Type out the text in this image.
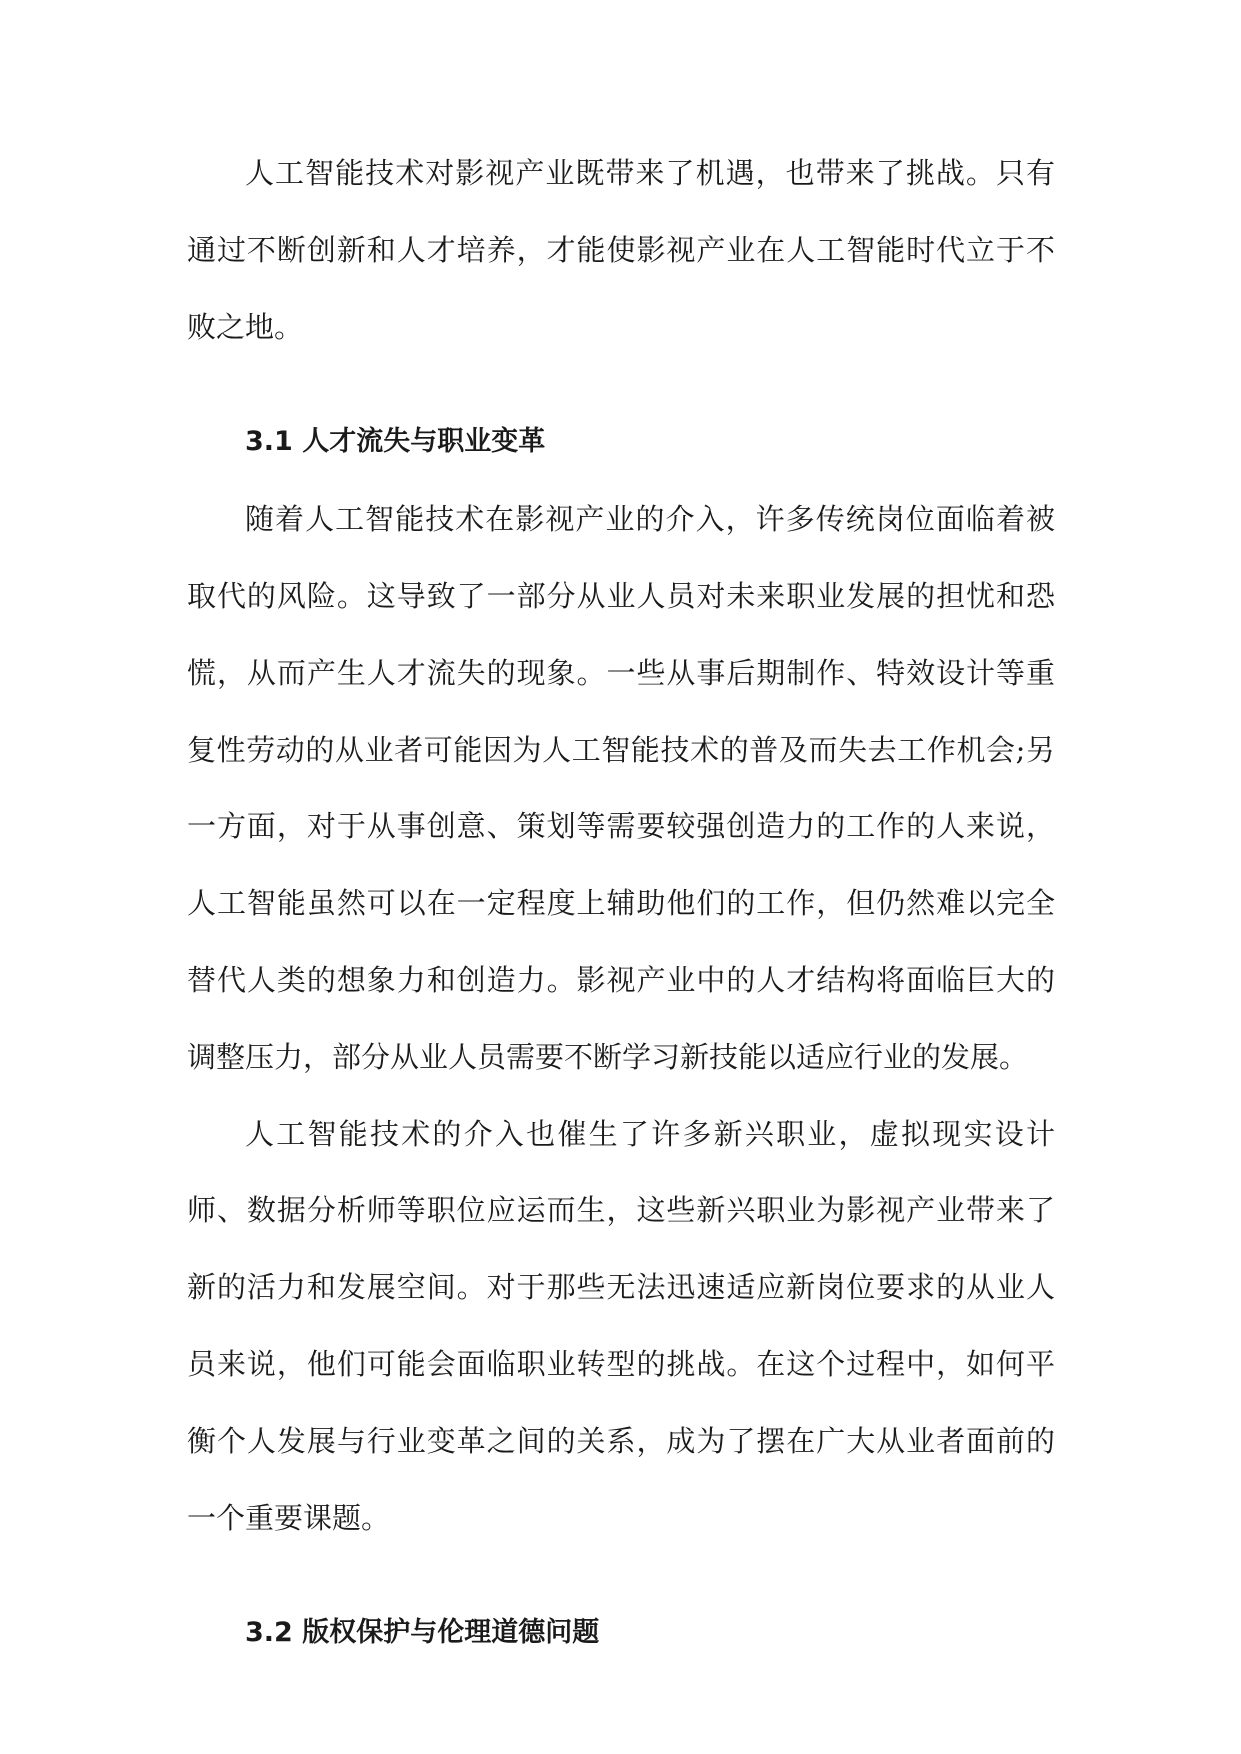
人工智能技术对影视产业既带来了机遇，也带来了挑战。只有通过不断创新和人才培养，才能使影视产业在人工智能时代立于不败之地。

3.1 人才流失与职业变革

随着人工智能技术在影视产业的介入，许多传统岗位面临着被取代的风险。这导致了一部分从业人员对未来职业发展的担忧和恐慌，从而产生人才流失的现象。一些从事后期制作、特效设计等重复性劳动的从业者可能因为人工智能技术的普及而失去工作机会;另一方面，对于从事创意、策划等需要较强创造力的工作的人来说，人工智能虽然可以在一定程度上辅助他们的工作，但仍然难以完全替代人类的想象力和创造力。影视产业中的人才结构将面临巨大的调整压力，部分从业人员需要不断学习新技能以适应行业的发展。

人工智能技术的介入也催生了许多新兴职业，虚拟现实设计师、数据分析师等职位应运而生，这些新兴职业为影视产业带来了新的活力和发展空间。对于那些无法迅速适应新岗位要求的从业人员来说，他们可能会面临职业转型的挑战。在这个过程中，如何平衡个人发展与行业变革之间的关系，成为了摆在广大从业者面前的一个重要课题。

3.2 版权保护与伦理道德问题
